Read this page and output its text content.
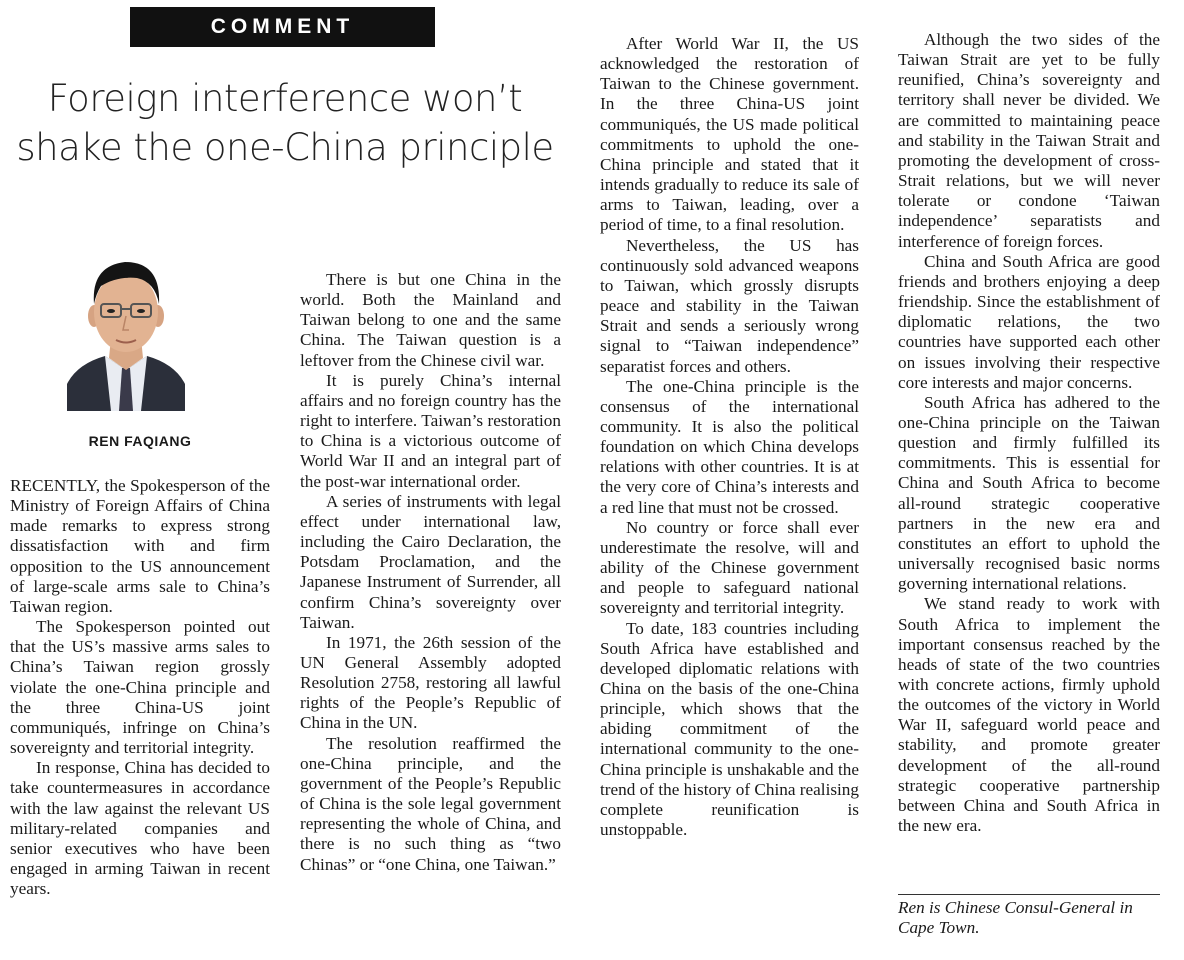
COMMENT
Foreign interference won’t shake the one-China principle
REN FAQIANG

RECENTLY, the Spokesperson of the Ministry of Foreign Affairs of China made remarks to express strong dissatisfaction with and firm opposition to the US announcement of large-scale arms sale to China’s Taiwan region.

The Spokesperson pointed out that the US’s massive arms sales to China’s Taiwan region grossly violate the one-China principle and the three China-US joint communiqués, infringe on China’s sovereignty and territorial integrity.

In response, China has decided to take countermeasures in accordance with the law against the relevant US military-related companies and senior executives who have been engaged in arming Taiwan in recent years.

There is but one China in the world. Both the Mainland and Taiwan belong to one and the same China. The Taiwan question is a leftover from the Chinese civil war.

It is purely China’s internal affairs and no foreign country has the right to interfere. Taiwan’s restoration to China is a victorious outcome of World War II and an integral part of the post-war international order.

A series of instruments with legal effect under international law, including the Cairo Declaration, the Potsdam Proclamation, and the Japanese Instrument of Surrender, all confirm China’s sovereignty over Taiwan.

In 1971, the 26th session of the UN General Assembly adopted Resolution 2758, restoring all lawful rights of the People’s Republic of China in the UN.

The resolution reaffirmed the one-China principle, and the government of the People’s Republic of China is the sole legal government representing the whole of China, and there is no such thing as “two Chinas” or “one China, one Taiwan.”

After World War II, the US acknowledged the restoration of Taiwan to the Chinese government. In the three China-US joint communiqués, the US made political commitments to uphold the one-China principle and stated that it intends gradually to reduce its sale of arms to Taiwan, leading, over a period of time, to a final resolution.

Nevertheless, the US has continuously sold advanced weapons to Taiwan, which grossly disrupts peace and stability in the Taiwan Strait and sends a seriously wrong signal to “Taiwan independence” separatist forces and others.

The one-China principle is the consensus of the international community. It is also the political foundation on which China develops relations with other countries. It is at the very core of China’s interests and a red line that must not be crossed.

No country or force shall ever underestimate the resolve, will and ability of the Chinese government and people to safeguard national sovereignty and territorial integrity.

To date, 183 countries including South Africa have established and developed diplomatic relations with China on the basis of the one-China principle, which shows that the abiding commitment of the international community to the one-China principle is unshakable and the trend of the history of China realising complete reunification is unstoppable.

Although the two sides of the Taiwan Strait are yet to be fully reunified, China’s sovereignty and territory shall never be divided. We are committed to maintaining peace and stability in the Taiwan Strait and promoting the development of cross-Strait relations, but we will never tolerate or condone ‘Taiwan independence’ separatists and interference of foreign forces.

China and South Africa are good friends and brothers enjoying a deep friendship. Since the establishment of diplomatic relations, the two countries have supported each other on issues involving their respective core interests and major concerns.

South Africa has adhered to the one-China principle on the Taiwan question and firmly fulfilled its commitments. This is essential for China and South Africa to become all-round strategic cooperative partners in the new era and constitutes an effort to uphold the universally recognised basic norms governing international relations.

We stand ready to work with South Africa to implement the important consensus reached by the heads of state of the two countries with concrete actions, firmly uphold the outcomes of the victory in World War II, safeguard world peace and stability, and promote greater development of the all-round strategic cooperative partnership between China and South Africa in the new era.

Ren is Chinese Consul-General in Cape Town.
